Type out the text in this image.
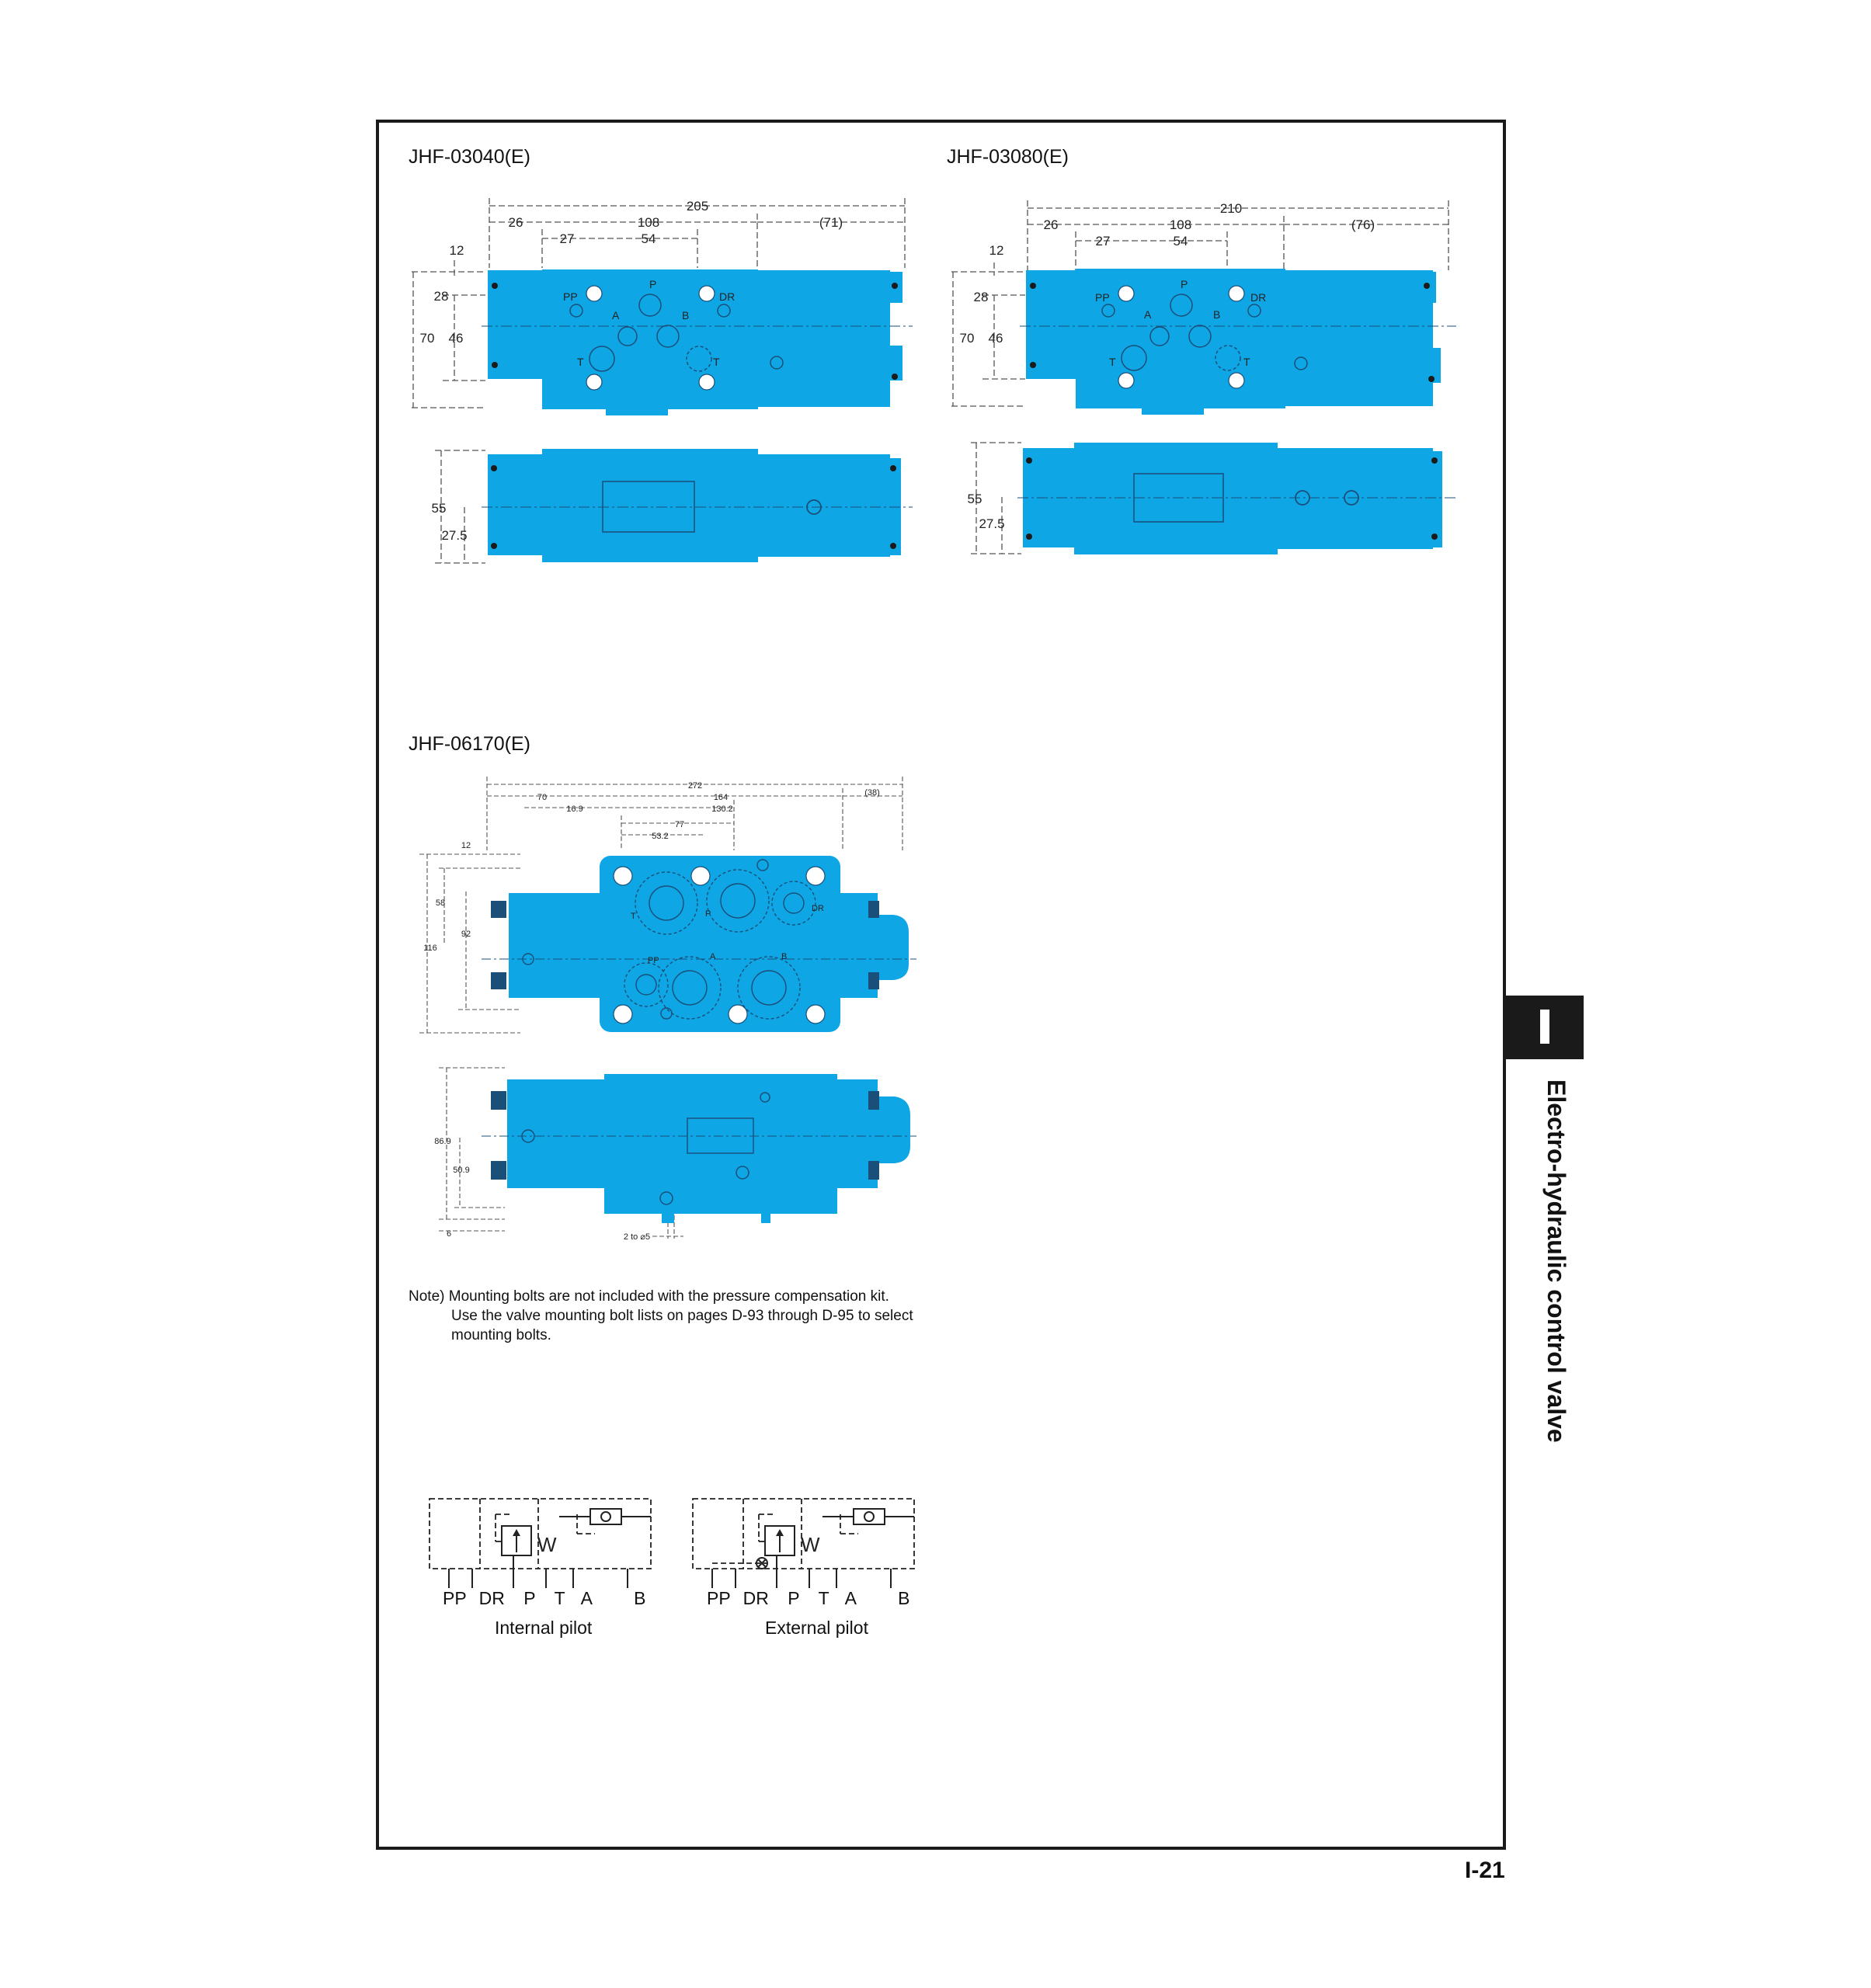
JHF-03040(E)
205
26	108	(71)
27	54
12
28
70 46
PP
P
DR
A	B
T	T
55
27.5
JHF-03080(E)
210
26	108	(76)
27	54
12
28
70 46
PP
P
DR
A	B
T	T
55
27.5
JHF-06170(E)
272
70	164	(38)
16.9	130.2
77
53.2
12
58
92
116
T	P
DR
PP	A	B
86.9
50.9
6	2 to ⌀5
Note) Mounting bolts are not included with the pressure compensation kit.
Use the valve mounting bolt lists on pages D-93 through D-95 to select
mounting bolts.
W
PP DR P T A B
Internal pilot
W
PP DR P T A B
External pilot
Electro-hydraulic control valve
I-21
